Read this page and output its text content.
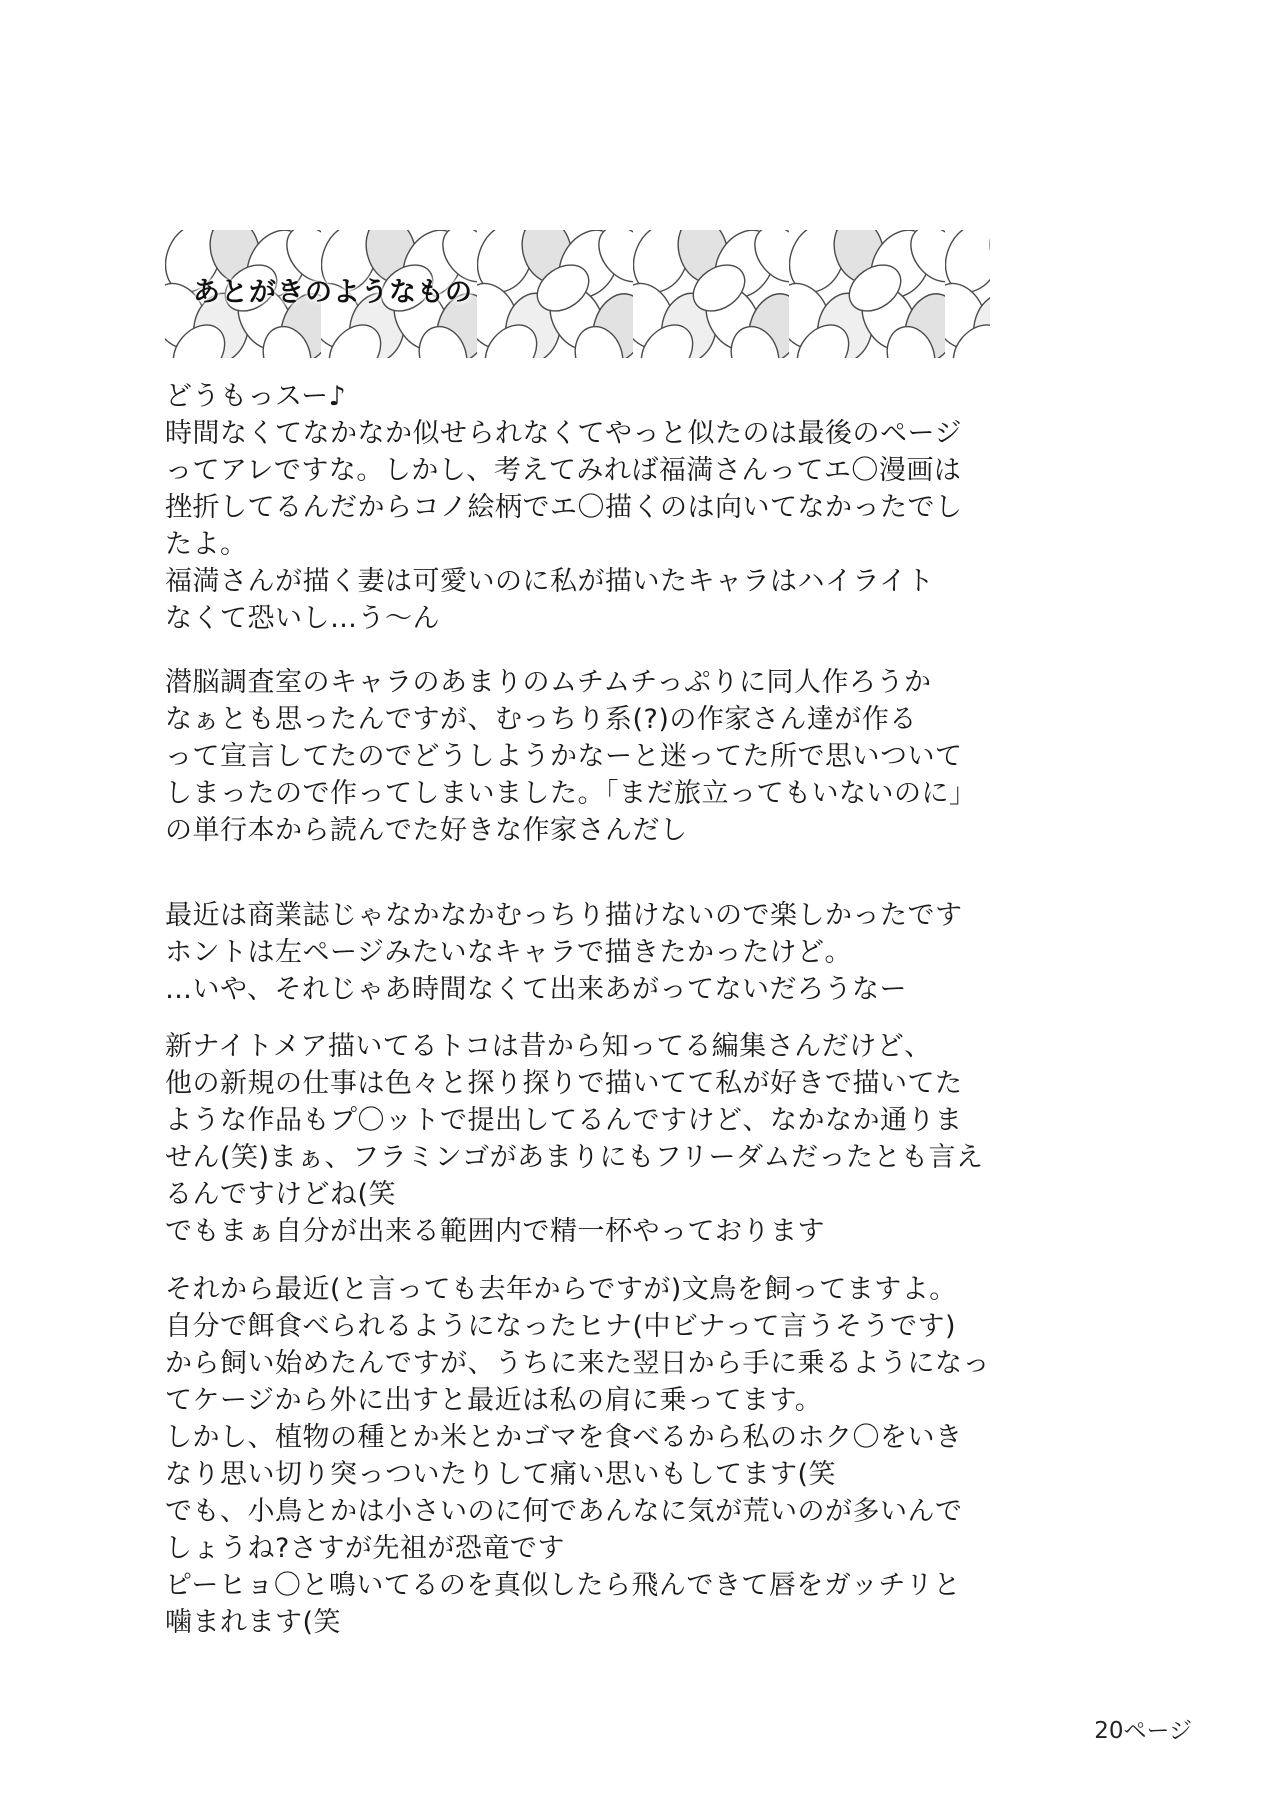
あとがきのようなもの
どうもっスー♪
時間なくてなかなか似せられなくてやっと似たのは最後のページ
ってアレですな。しかし、考えてみれば福満さんってエ〇漫画は
挫折してるんだからコノ絵柄でエ〇描くのは向いてなかったでし
たよ。
福満さんが描く妻は可愛いのに私が描いたキャラはハイライト
なくて恐いし…う〜ん
潜脳調査室のキャラのあまりのムチムチっぷりに同人作ろうか
なぁとも思ったんですが、むっちり系(?)の作家さん達が作る
って宣言してたのでどうしようかなーと迷ってた所で思いついて
しまったので作ってしまいました。「まだ旅立ってもいないのに」
の単行本から読んでた好きな作家さんだし
最近は商業誌じゃなかなかむっちり描けないので楽しかったです
ホントは左ページみたいなキャラで描きたかったけど。
…いや、それじゃあ時間なくて出来あがってないだろうなー
新ナイトメア描いてるトコは昔から知ってる編集さんだけど、
他の新規の仕事は色々と探り探りで描いてて私が好きで描いてた
ような作品もプ〇ットで提出してるんですけど、なかなか通りま
せん(笑)まぁ、フラミンゴがあまりにもフリーダムだったとも言え
るんですけどね(笑
でもまぁ自分が出来る範囲内で精一杯やっております
それから最近(と言っても去年からですが)文鳥を飼ってますよ。
自分で餌食べられるようになったヒナ(中ビナって言うそうです)
から飼い始めたんですが、うちに来た翌日から手に乗るようになっ
てケージから外に出すと最近は私の肩に乗ってます。
しかし、植物の種とか米とかゴマを食べるから私のホク〇をいき
なり思い切り突っついたりして痛い思いもしてます(笑
でも、小鳥とかは小さいのに何であんなに気が荒いのが多いんで
しょうね?さすが先祖が恐竜です
ピーヒョ〇と鳴いてるのを真似したら飛んできて唇をガッチリと
噛まれます(笑
20ページ
